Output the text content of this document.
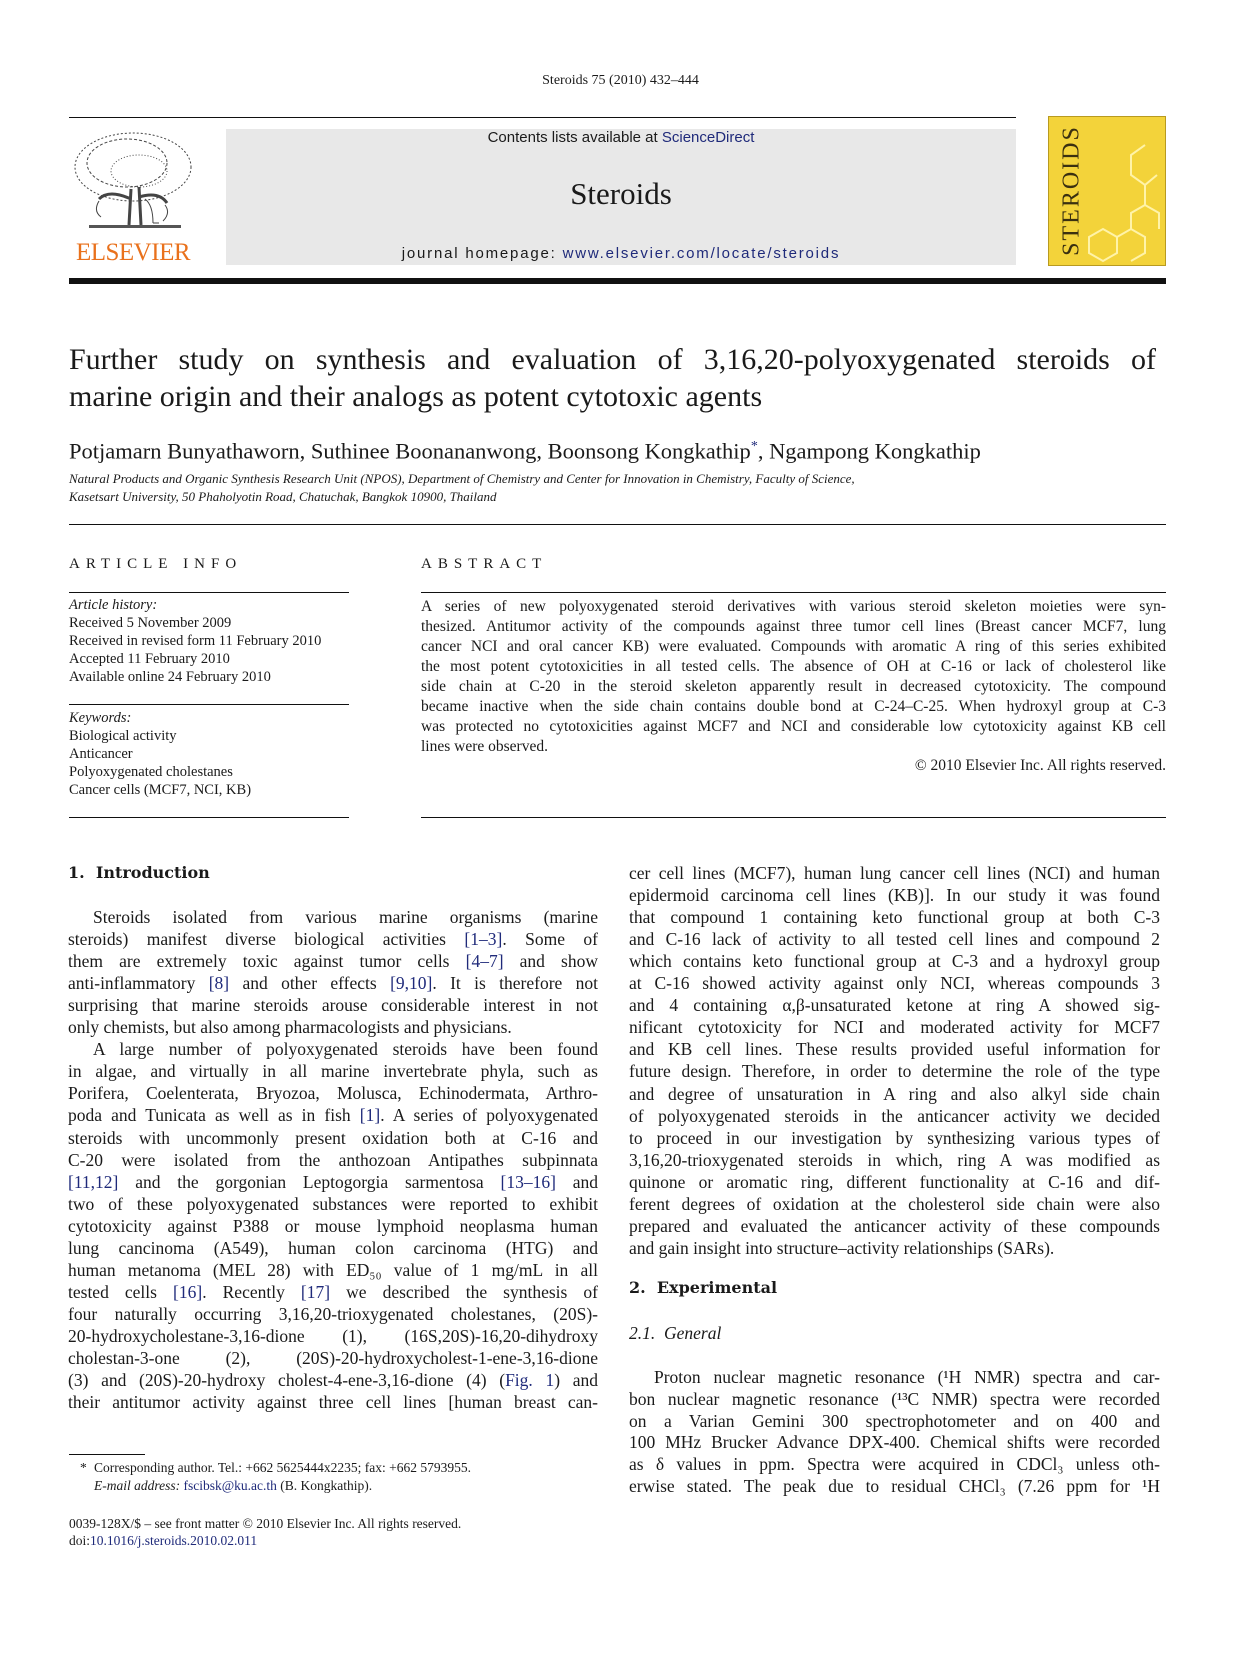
Steroids 75 (2010) 432–444
ELSEVIER
Contents lists available at ScienceDirect
Steroids
journal homepage: www.elsevier.com/locate/steroids	STEROIDS
Further study on synthesis and evaluation of 3,16,20-polyoxygenated steroids of
marine origin and their analogs as potent cytotoxic agents
Potjamarn Bunyathaworn, Suthinee Boonananwong, Boonsong Kongkathip*, Ngampong Kongkathip
Natural Products and Organic Synthesis Research Unit (NPOS), Department of Chemistry and Center for Innovation in Chemistry, Faculty of Science,
Kasetsart University, 50 Phaholyotin Road, Chatuchak, Bangkok 10900, Thailand
ARTICLE INFO
Article history:
Received 5 November 2009
Received in revised form 11 February 2010
Accepted 11 February 2010
Available online 24 February 2010
Keywords:
Biological activity
Anticancer
Polyoxygenated cholestanes
Cancer cells (MCF7, NCI, KB)
ABSTRACT
A series of new polyoxygenated steroid derivatives with various steroid skeleton moieties were syn-
thesized. Antitumor activity of the compounds against three tumor cell lines (Breast cancer MCF7, lung
cancer NCI and oral cancer KB) were evaluated. Compounds with aromatic A ring of this series exhibited
the most potent cytotoxicities in all tested cells. The absence of OH at C-16 or lack of cholesterol like
side chain at C-20 in the steroid skeleton apparently result in decreased cytotoxicity. The compound
became inactive when the side chain contains double bond at C-24–C-25. When hydroxyl group at C-3
was protected no cytotoxicities against MCF7 and NCI and considerable low cytotoxicity against KB cell
lines were observed.
© 2010 Elsevier Inc. All rights reserved.
1.  Introduction
Steroids isolated from various marine organisms (marine
steroids) manifest diverse biological activities [1–3]. Some of
them are extremely toxic against tumor cells [4–7] and show
anti-inflammatory [8] and other effects [9,10]. It is therefore not
surprising that marine steroids arouse considerable interest in not
only chemists, but also among pharmacologists and physicians.
A large number of polyoxygenated steroids have been found
in algae, and virtually in all marine invertebrate phyla, such as
Porifera, Coelenterata, Bryozoa, Molusca, Echinodermata, Arthro-
poda and Tunicata as well as in fish [1]. A series of polyoxygenated
steroids with uncommonly present oxidation both at C-16 and
C-20 were isolated from the anthozoan Antipathes subpinnata
[11,12] and the gorgonian Leptogorgia sarmentosa [13–16] and
two of these polyoxygenated substances were reported to exhibit
cytotoxicity against P388 or mouse lymphoid neoplasma human
lung cancinoma (A549), human colon carcinoma (HTG) and
human metanoma (MEL 28) with ED₅₀ value of 1 mg/mL in all
tested cells [16]. Recently [17] we described the synthesis of
four naturally occurring 3,16,20-trioxygenated cholestanes, (20S)-
20-hydroxycholestane-3,16-dione (1), (16S,20S)-16,20-dihydroxy
cholestan-3-one (2), (20S)-20-hydroxycholest-1-ene-3,16-dione
(3) and (20S)-20-hydroxy cholest-4-ene-3,16-dione (4) (Fig. 1) and
their antitumor activity against three cell lines [human breast can-
cer cell lines (MCF7), human lung cancer cell lines (NCI) and human
epidermoid carcinoma cell lines (KB)]. In our study it was found
that compound 1 containing keto functional group at both C-3
and C-16 lack of activity to all tested cell lines and compound 2
which contains keto functional group at C-3 and a hydroxyl group
at C-16 showed activity against only NCI, whereas compounds 3
and 4 containing α,β-unsaturated ketone at ring A showed sig-
nificant cytotoxicity for NCI and moderated activity for MCF7
and KB cell lines. These results provided useful information for
future design. Therefore, in order to determine the role of the type
and degree of unsaturation in A ring and also alkyl side chain
of polyoxygenated steroids in the anticancer activity we decided
to proceed in our investigation by synthesizing various types of
3,16,20-trioxygenated steroids in which, ring A was modified as
quinone or aromatic ring, different functionality at C-16 and dif-
ferent degrees of oxidation at the cholesterol side chain were also
prepared and evaluated the anticancer activity of these compounds
and gain insight into structure–activity relationships (SARs).
2.  Experimental
2.1.  General
Proton nuclear magnetic resonance (¹H NMR) spectra and car-
bon nuclear magnetic resonance (¹³C NMR) spectra were recorded
on a Varian Gemini 300 spectrophotometer and on 400 and
100 MHz Brucker Advance DPX-400. Chemical shifts were recorded
as δ values in ppm. Spectra were acquired in CDCl₃ unless oth-
erwise stated. The peak due to residual CHCl₃ (7.26 ppm for ¹H
* Corresponding author. Tel.: +662 5625444x2235; fax: +662 5793955.
E-mail address: fscibsk@ku.ac.th (B. Kongkathip).
0039-128X/$ – see front matter © 2010 Elsevier Inc. All rights reserved.
doi:10.1016/j.steroids.2010.02.011
